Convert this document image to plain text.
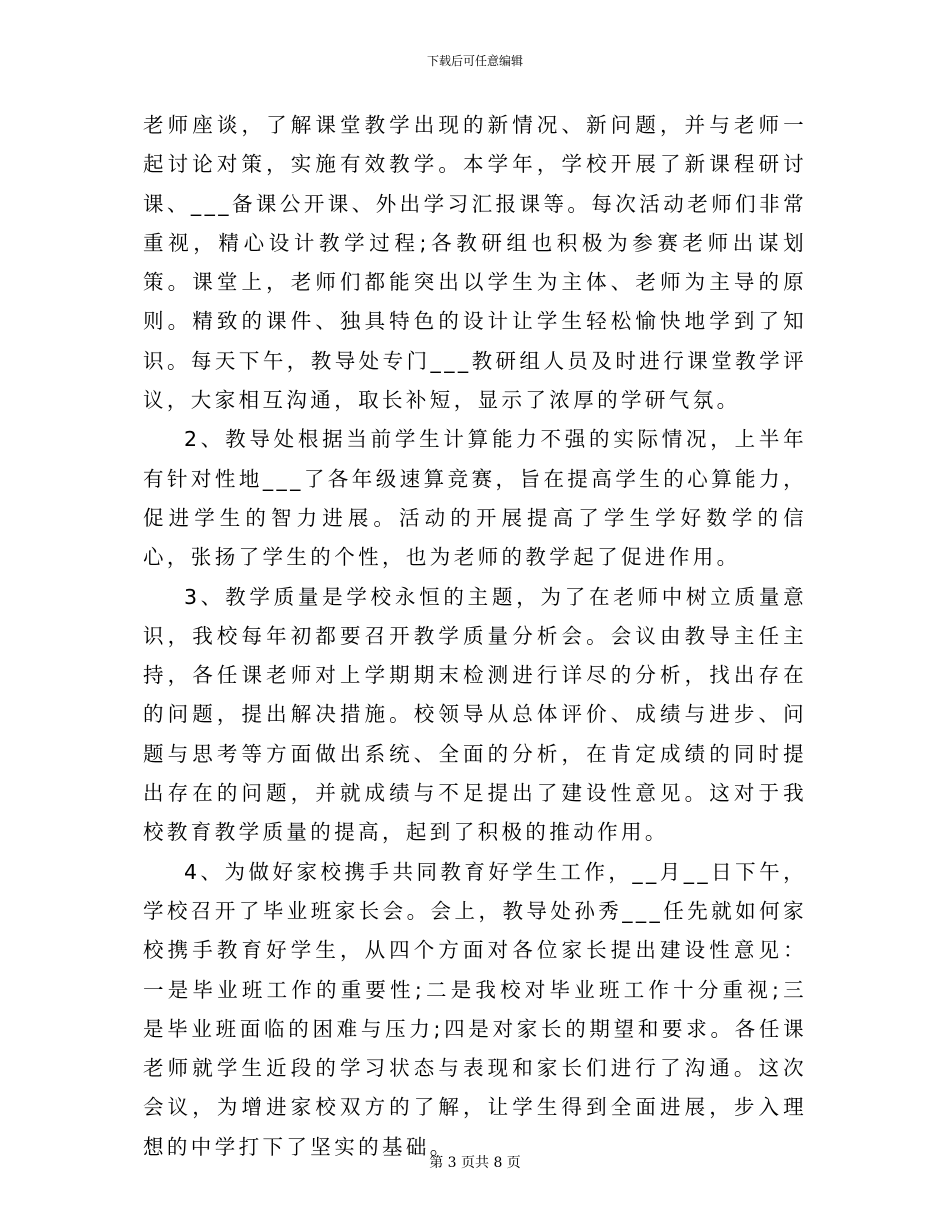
下载后可任意编辑

老师座谈，了解课堂教学出现的新情况、新问题，并与老师一起讨论对策，实施有效教学。本学年，学校开展了新课程研讨课、___备课公开课、外出学习汇报课等。每次活动老师们非常重视，精心设计教学过程;各教研组也积极为参赛老师出谋划策。课堂上，老师们都能突出以学生为主体、老师为主导的原则。精致的课件、独具特色的设计让学生轻松愉快地学到了知识。每天下午，教导处专门___教研组人员及时进行课堂教学评议，大家相互沟通，取长补短，显示了浓厚的学研气氛。

2、教导处根据当前学生计算能力不强的实际情况，上半年有针对性地___了各年级速算竞赛，旨在提高学生的心算能力，促进学生的智力进展。活动的开展提高了学生学好数学的信心，张扬了学生的个性，也为老师的教学起了促进作用。

3、教学质量是学校永恒的主题，为了在老师中树立质量意识，我校每年初都要召开教学质量分析会。会议由教导主任主持，各任课老师对上学期期末检测进行详尽的分析，找出存在的问题，提出解决措施。校领导从总体评价、成绩与进步、问题与思考等方面做出系统、全面的分析，在肯定成绩的同时提出存在的问题，并就成绩与不足提出了建设性意见。这对于我校教育教学质量的提高，起到了积极的推动作用。

4、为做好家校携手共同教育好学生工作，__月__日下午，学校召开了毕业班家长会。会上，教导处孙秀___任先就如何家校携手教育好学生，从四个方面对各位家长提出建设性意见：一是毕业班工作的重要性;二是我校对毕业班工作十分重视;三是毕业班面临的困难与压力;四是对家长的期望和要求。各任课老师就学生近段的学习状态与表现和家长们进行了沟通。这次会议，为增进家校双方的了解，让学生得到全面进展，步入理想的中学打下了坚实的基础。

第 3 页共 8 页
